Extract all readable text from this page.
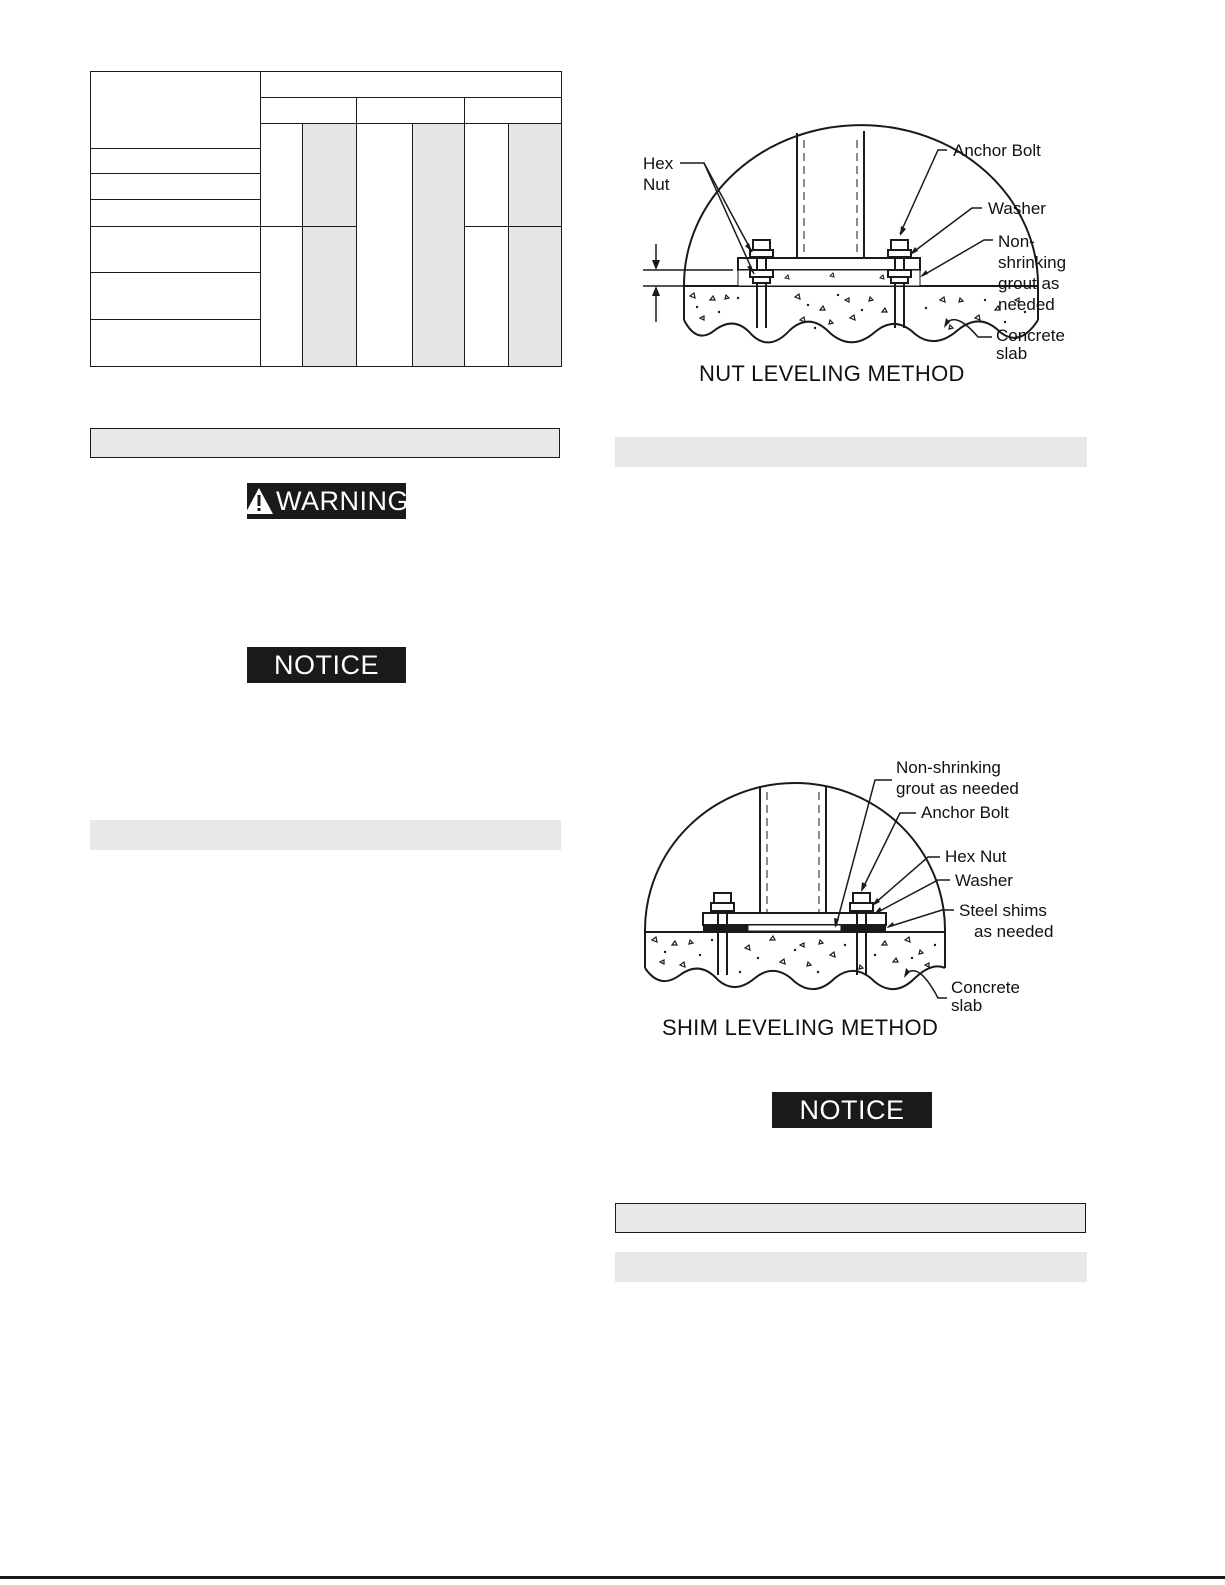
WARNING
NOTICE
Hex
Nut
Anchor Bolt
Washer
Non-
shrinking
grout as
needed
Concrete
slab
NUT LEVELING METHOD
Non-shrinking
grout as needed
Anchor Bolt
Hex Nut
Washer
Steel shims
as needed
Concrete
slab
SHIM LEVELING METHOD
NOTICE
